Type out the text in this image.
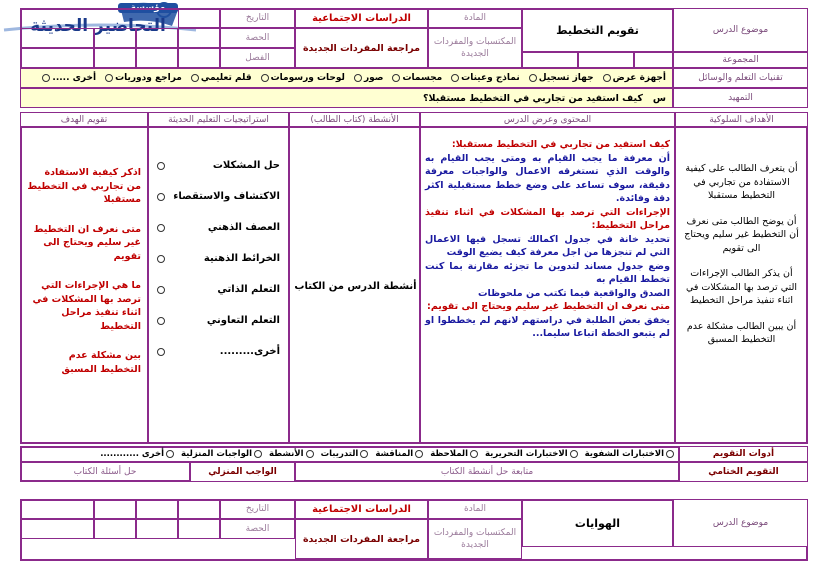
مؤسسة
التحاضير الحديثة	موضوع الدرس
تقويم التخطيط
المادة
المكتسبات والمفردات الجديدة
الدراسات الاجتماعية
مراجعة المفردات الجديدة
التاريخ
الحصة
الفصل	المجموعة
تقنيات التعلم والوسائل
أجهزة عرض
جهاز تسجيل
نماذج وعينات
مجسمات
صور
لوحات ورسومات
قلم تعليمي
مراجع ودوريات
أخرى .....
التمهيد
س
كيف استفيد من تجاربي في التخطيط مستقبلا؟
الأهداف السلوكية
المحتوى وعرض الدرس
الأنشطة (كتاب الطالب)
استراتيجيات التعليم الحديثة
تقويم الهدف
أن يتعرف الطالب على كيفية الاستفادة من تجاربي في التخطيط مستقبلا
أن يوضح الطالب متى نعرف أن التخطيط غير سليم ويحتاج الى تقويم
أن يذكر الطالب الإجراءات التي ترصد بها المشكلات في اثناء تنفيذ مراحل التخطيط
أن يبين الطالب مشكلة عدم التخطيط المسبق
كيف استفيد من تجاربي في التخطيط مستقبلا:
أن معرفة ما يجب القيام به ومتى يجب القيام به والوقت الذي تستغرقه الاعمال والواجبات معرفة دقيقة، سوف تساعد على وضع خطط مستقبلية اكثر دقة وفائدة.
الإجراءات التي ترصد بها المشكلات في اثناء تنفيذ مراحل التخطيط:
تحديد خانة في جدول اكمالك تسجل فيها الاعمال التي لم تنجزها من اجل معرفة كيف يضيع الوقت
وضع جدول مساند لتدوين ما تجزئه مقارنة بما كنت تخطط القيام به
الصدق والواقعية فيما تكتب من ملحوظات
متى نعرف ان التخطيط غير سليم ويحتاج الى تقويم:
يخفق بعض الطلبة في دراستهم لانهم لم يخططوا او لم يتبعو الخطة اتباعا سليما...
أنشطة الدرس من الكتاب
حل المشكلات
الاكتشاف والاستقصاء
العصف الذهني
الخرائط الذهنية
التعلم الذاتي
التعلم التعاوني
أخرى.........
اذكر كيفية الاستفادة من تجاربي في التخطيط مستقبلا
متى نعرف ان التخطيط غير سليم ويحتاج الى تقويم
ما هي الإجراءات التي ترصد بها المشكلات في اثناء تنفيذ مراحل التخطيط
بين مشكلة عدم التخطيط المسبق
أدوات التقويم
الاختبارات الشفوية
الاختبارات التحريرية
الملاحظة
المناقشة
التدريبات
الأنشطة
الواجبات المنزلية
أخرى ............
التقويم الختامي
متابعة حل أنشطة الكتاب
الواجب المنزلي
حل أسئلة الكتاب
موضوع الدرس
الهوايات
المادة
المكتسبات والمفردات الجديدة
الدراسات الاجتماعية
مراجعة المفردات الجديدة
التاريخ
الحصة
